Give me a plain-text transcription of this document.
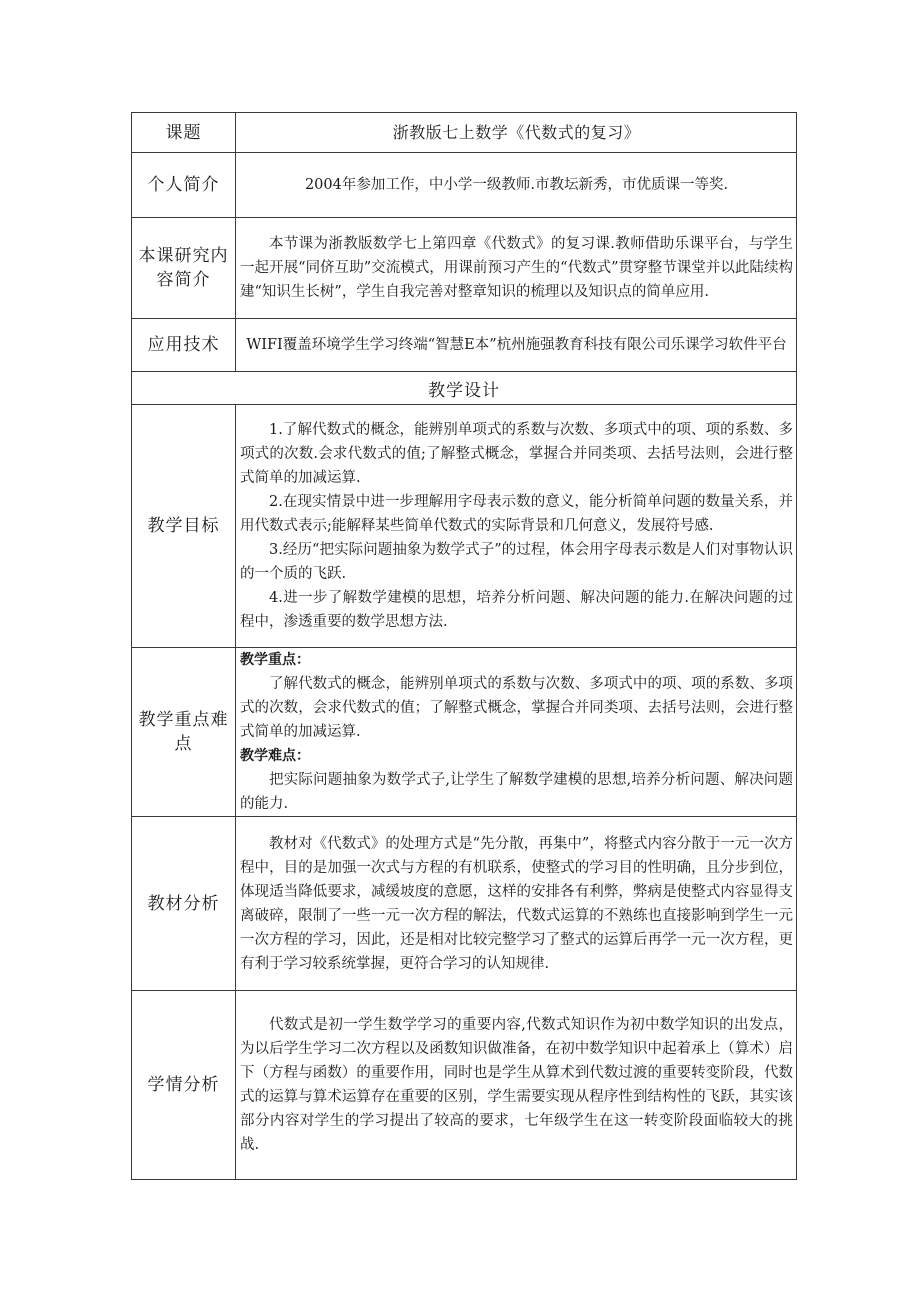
课题	浙教版七上数学《代数式的复习》
个人简介	2004年参加工作，中小学一级教师.市教坛新秀，市优质课一等奖.
本课研究内容简介	本节课为浙教版数学七上第四章《代数式》的复习课.教师借助乐课平台，与学生一起开展“同侪互助”交流模式，用课前预习产生的“代数式”贯穿整节课堂并以此陆续构建“知识生长树”，学生自我完善对整章知识的梳理以及知识点的简单应用.

应用技术	WIFI覆盖环境学生学习终端“智慧E本”杭州施强教育科技有限公司乐课学习软件平台
教学设计	
教学目标	1.了解代数式的概念，能辨别单项式的系数与次数、多项式中的项、项的系数、多项式的次数.会求代数式的值;了解整式概念，掌握合并同类项、去括号法则，会进行整式简单的加减运算.

2.在现实情景中进一步理解用字母表示数的意义，能分析简单问题的数量关系，并用代数式表示;能解释某些简单代数式的实际背景和几何意义，发展符号感.

3.经历“把实际问题抽象为数学式子”的过程，体会用字母表示数是人们对事物认识的一个质的飞跃.

4.进一步了解数学建模的思想，培养分析问题、解决问题的能力.在解决问题的过程中，渗透重要的数学思想方法.

教学重点难点	教学重点：

了解代数式的概念，能辨别单项式的系数与次数、多项式中的项、项的系数、多项式的次数，会求代数式的值；了解整式概念，掌握合并同类项、去括号法则，会进行整式简单的加减运算.

教学难点：

把实际问题抽象为数学式子,让学生了解数学建模的思想,培养分析问题、解决问题的能力.

教材分析	教材对《代数式》的处理方式是“先分散，再集中”，将整式内容分散于一元一次方程中，目的是加强一次式与方程的有机联系，使整式的学习目的性明确，且分步到位，体现适当降低要求，减缓坡度的意愿，这样的安排各有利弊，弊病是使整式内容显得支离破碎，限制了一些一元一次方程的解法，代数式运算的不熟练也直接影响到学生一元一次方程的学习，因此，还是相对比较完整学习了整式的运算后再学一元一次方程，更有利于学习较系统掌握，更符合学习的认知规律.

学情分析	代数式是初一学生数学学习的重要内容,代数式知识作为初中数学知识的出发点，为以后学生学习二次方程以及函数知识做准备，在初中数学知识中起着承上（算术）启下（方程与函数）的重要作用，同时也是学生从算术到代数过渡的重要转变阶段，代数式的运算与算术运算存在重要的区别，学生需要实现从程序性到结构性的飞跃，其实该部分内容对学生的学习提出了较高的要求，七年级学生在这一转变阶段面临较大的挑战.
